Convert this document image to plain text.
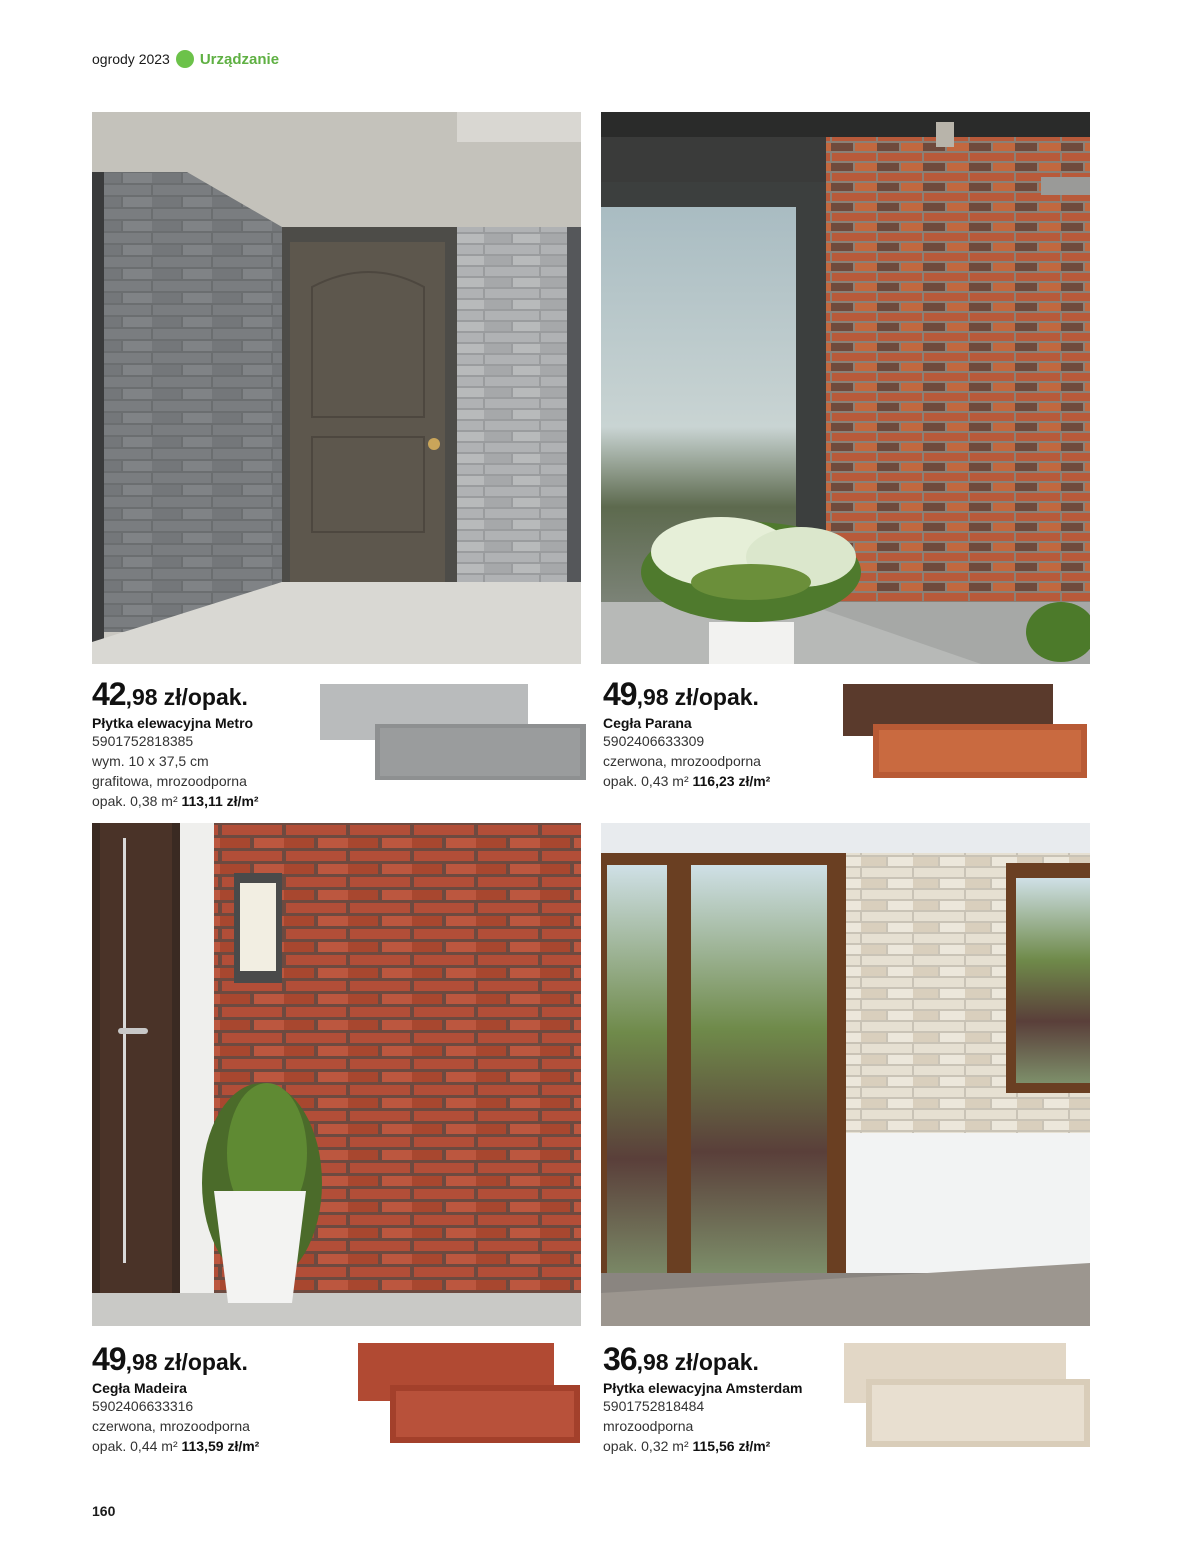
ogrody 2023 Urządzanie
42,98 zł/opak.
Płytka elewacyjna Metro
5901752818385
wym. 10 x 37,5 cm
grafitowa, mrozoodporna
opak. 0,38 m² 113,11 zł/m²
49,98 zł/opak.
Cegła Parana
5902406633309
czerwona, mrozoodporna
opak. 0,43 m² 116,23 zł/m²
49,98 zł/opak.
Cegła Madeira
5902406633316
czerwona, mrozoodporna
opak. 0,44 m² 113,59 zł/m²
36,98 zł/opak.
Płytka elewacyjna Amsterdam
5901752818484
mrozoodporna
opak. 0,32 m² 115,56 zł/m²
160
